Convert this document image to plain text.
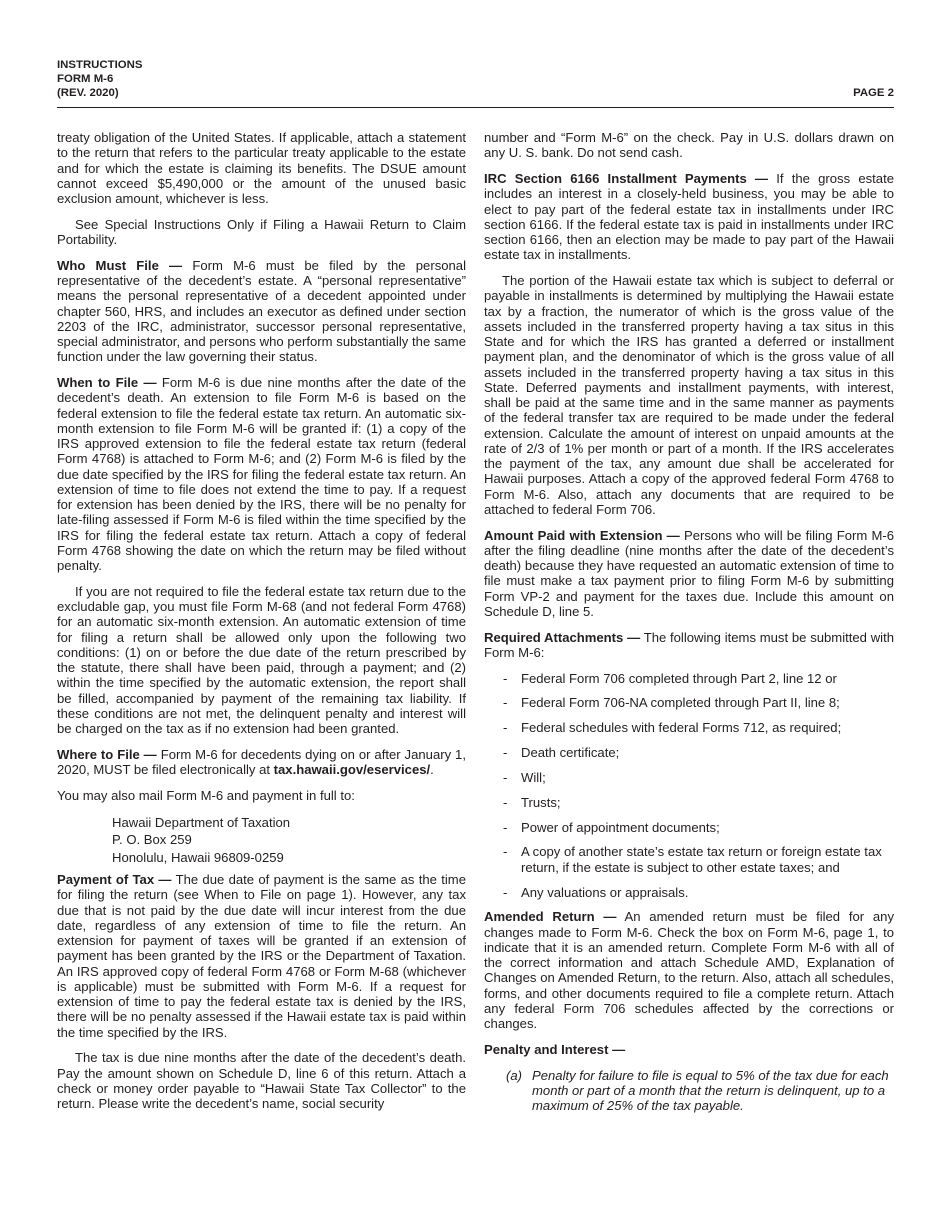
INSTRUCTIONS
FORM M-6
(REV. 2020)	PAGE 2

treaty obligation of the United States. If applicable, attach a statement to the return that refers to the particular treaty applicable to the estate and for which the estate is claiming its benefits. The DSUE amount cannot exceed $5,490,000 or the amount of the unused basic exclusion amount, whichever is less.

See Special Instructions Only if Filing a Hawaii Return to Claim Portability.

Who Must File — Form M-6 must be filed by the personal representative of the decedent’s estate. A “personal representative” means the personal representative of a decedent appointed under chapter 560, HRS, and includes an executor as defined under section 2203 of the IRC, administrator, successor personal representative, special administrator, and persons who perform substantially the same function under the law governing their status.

When to File — Form M-6 is due nine months after the date of the decedent’s death. An extension to file Form M-6 is based on the federal extension to file the federal estate tax return. An automatic six-month extension to file Form M-6 will be granted if: (1) a copy of the IRS approved extension to file the federal estate tax return (federal Form 4768) is attached to Form M-6; and (2) Form M-6 is filed by the due date specified by the IRS for filing the federal estate tax return. An extension of time to file does not extend the time to pay. If a request for extension has been denied by the IRS, there will be no penalty for late-filing assessed if Form M-6 is filed within the time specified by the IRS for filing the federal estate tax return. Attach a copy of federal Form 4768 showing the date on which the return may be filed without penalty.

If you are not required to file the federal estate tax return due to the excludable gap, you must file Form M-68 (and not federal Form 4768) for an automatic six-month extension. An automatic extension of time for filing a return shall be allowed only upon the following two conditions: (1) on or before the due date of the return prescribed by the statute, there shall have been paid, through a payment; and (2) within the time specified by the automatic extension, the report shall be filled, accompanied by payment of the remaining tax liability. If these conditions are not met, the delinquent penalty and interest will be charged on the tax as if no extension had been granted.

Where to File — Form M-6 for decedents dying on or after January 1, 2020, MUST be filed electronically at tax.hawaii.gov/eservices/.

You may also mail Form M-6 and payment in full to:

Hawaii Department of Taxation
P. O. Box 259
Honolulu, Hawaii 96809-0259

Payment of Tax — The due date of payment is the same as the time for filing the return (see When to File on page 1). However, any tax due that is not paid by the due date will incur interest from the due date, regardless of any extension of time to file the return. An extension for payment of taxes will be granted if an extension of payment has been granted by the IRS or the Department of Taxation. An IRS approved copy of federal Form 4768 or Form M-68 (whichever is applicable) must be submitted with Form M-6. If a request for extension of time to pay the federal estate tax is denied by the IRS, there will be no penalty assessed if the Hawaii estate tax is paid within the time specified by the IRS.

The tax is due nine months after the date of the decedent’s death. Pay the amount shown on Schedule D, line 6 of this return. Attach a check or money order payable to “Hawaii State Tax Collector” to the return. Please write the decedent’s name, social security

number and “Form M-6” on the check. Pay in U.S. dollars drawn on any U. S. bank. Do not send cash.

IRC Section 6166 Installment Payments — If the gross estate includes an interest in a closely-held business, you may be able to elect to pay part of the federal estate tax in installments under IRC section 6166. If the federal estate tax is paid in installments under IRC section 6166, then an election may be made to pay part of the Hawaii estate tax in installments.

The portion of the Hawaii estate tax which is subject to deferral or payable in installments is determined by multiplying the Hawaii estate tax by a fraction, the numerator of which is the gross value of the assets included in the transferred property having a tax situs in this State and for which the IRS has granted a deferred or installment payment plan, and the denominator of which is the gross value of all assets included in the transferred property having a tax situs in this State. Deferred payments and installment payments, with interest, shall be paid at the same time and in the same manner as payments of the federal transfer tax are required to be made under the federal extension. Calculate the amount of interest on unpaid amounts at the rate of 2/3 of 1% per month or part of a month. If the IRS accelerates the payment of the tax, any amount due shall be accelerated for Hawaii purposes. Attach a copy of the approved federal Form 4768 to Form M-6. Also, attach any documents that are required to be attached to federal Form 706.

Amount Paid with Extension — Persons who will be filing Form M-6 after the filing deadline (nine months after the date of the decedent’s death) because they have requested an automatic extension of time to file must make a tax payment prior to filing Form M-6 by submitting Form VP-2 and payment for the taxes due. Include this amount on Schedule D, line 5.

Required Attachments — The following items must be submitted with Form M-6:

- Federal Form 706 completed through Part 2, line 12 or
- Federal Form 706-NA completed through Part II, line 8;
- Federal schedules with federal Forms 712, as required;
- Death certificate;
- Will;
- Trusts;
- Power of appointment documents;
- A copy of another state’s estate tax return or foreign estate tax return, if the estate is subject to other estate taxes; and
- Any valuations or appraisals.

Amended Return — An amended return must be filed for any changes made to Form M-6. Check the box on Form M-6, page 1, to indicate that it is an amended return. Complete Form M-6 with all of the correct information and attach Schedule AMD, Explanation of Changes on Amended Return, to the return. Also, attach all schedules, forms, and other documents required to file a complete return. Attach any federal Form 706 schedules affected by the corrections or changes.

Penalty and Interest —

(a) Penalty for failure to file is equal to 5% of the tax due for each month or part of a month that the return is delinquent, up to a maximum of 25% of the tax payable.
